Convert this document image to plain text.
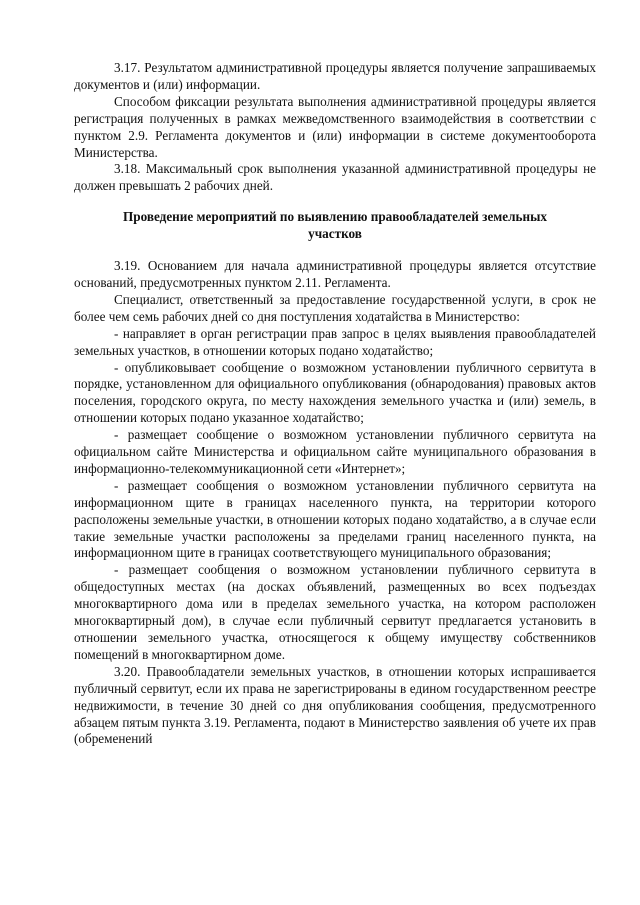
3.17. Результатом административной процедуры является получение запрашиваемых документов и (или) информации.

Способом фиксации результата выполнения административной процедуры является регистрация полученных в рамках межведомственного взаимодействия в соответствии с пунктом 2.9. Регламента документов и (или) информации в системе документооборота Министерства.

3.18. Максимальный срок выполнения указанной административной процедуры не должен превышать 2 рабочих дней.

Проведение мероприятий по выявлению правообладателей земельных участков

3.19. Основанием для начала административной процедуры является отсутствие оснований, предусмотренных пунктом 2.11. Регламента.

Специалист, ответственный за предоставление государственной услуги, в срок не более чем семь рабочих дней со дня поступления ходатайства в Министерство:

- направляет в орган регистрации прав запрос в целях выявления правообладателей земельных участков, в отношении которых подано ходатайство;

- опубликовывает сообщение о возможном установлении публичного сервитута в порядке, установленном для официального опубликования (обнародования) правовых актов поселения, городского округа, по месту нахождения земельного участка и (или) земель, в отношении которых подано указанное ходатайство;

- размещает сообщение о возможном установлении публичного сервитута на официальном сайте Министерства и официальном сайте муниципального образования в информационно-телекоммуникационной сети «Интернет»;

- размещает сообщения о возможном установлении публичного сервитута на информационном щите в границах населенного пункта, на территории которого расположены земельные участки, в отношении которых подано ходатайство, а в случае если такие земельные участки расположены за пределами границ населенного пункта, на информационном щите в границах соответствующего муниципального образования;

- размещает сообщения о возможном установлении публичного сервитута в общедоступных местах (на досках объявлений, размещенных во всех подъездах многоквартирного дома или в пределах земельного участка, на котором расположен многоквартирный дом), в случае если публичный сервитут предлагается установить в отношении земельного участка, относящегося к общему имуществу собственников помещений в многоквартирном доме.

3.20. Правообладатели земельных участков, в отношении которых испрашивается публичный сервитут, если их права не зарегистрированы в едином государственном реестре недвижимости, в течение 30 дней со дня опубликования сообщения, предусмотренного абзацем пятым пункта 3.19. Регламента, подают в Министерство заявления об учете их прав (обременений
